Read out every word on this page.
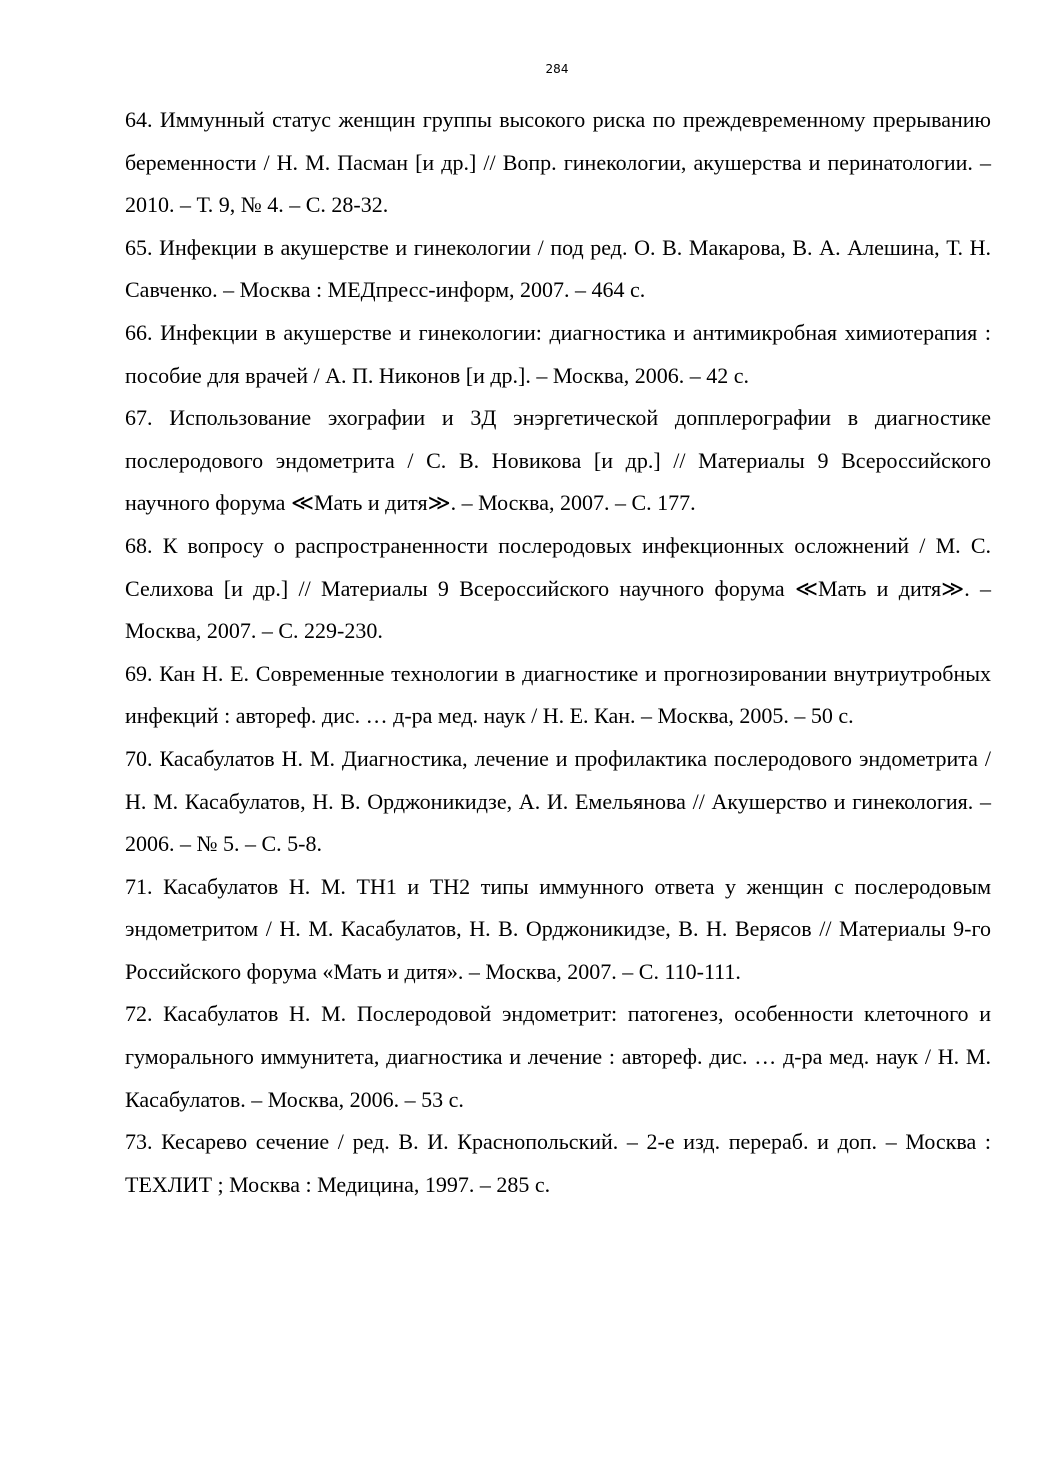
284
64. Иммунный статус женщин группы высокого риска по преждевременному прерыванию беременности / Н. М. Пасман [и др.] // Вопр. гинекологии, акушерства и перинатологии. – 2010. – Т. 9, № 4. – С. 28-32.
65. Инфекции в акушерстве и гинекологии / под ред. О. В. Макарова, В. А. Алешина, Т. Н. Савченко. – Москва : МЕДпресс-информ, 2007. – 464 с.
66. Инфекции в акушерстве и гинекологии: диагностика и антимикробная химиотерапия : пособие для врачей / А. П. Никонов [и др.]. – Москва, 2006. – 42 с.
67. Использование эхографии и 3Д энэргетической допплерографии в диагностике послеродового эндометрита / С. В. Новикова [и др.] // Материалы 9 Всероссийского научного форума ≪Мать и дитя≫. – Москва, 2007. – С. 177.
68. К вопросу о распространенности послеродовых инфекционных осложнений / М. С. Селихова [и др.] // Материалы 9 Всероссийского научного форума ≪Мать и дитя≫. – Москва, 2007. – С. 229-230.
69. Кан Н. Е. Современные технологии в диагностике и прогнозировании внутриутробных инфекций : автореф. дис. … д-ра мед. наук / Н. Е. Кан. – Москва, 2005. – 50 с.
70. Касабулатов Н. М. Диагностика, лечение и профилактика послеродового эндометрита / Н. М. Касабулатов, Н. В. Орджоникидзе, А. И. Емельянова // Акушерство и гинекология. – 2006. – № 5. – С. 5-8.
71. Касабулатов Н. М. ТН1 и ТН2 типы иммунного ответа у женщин с послеродовым эндометритом / Н. М. Касабулатов, Н. В. Орджоникидзе, В. Н. Верясов // Материалы 9-го Российского форума «Мать и дитя». – Москва, 2007. – С. 110-111.
72. Касабулатов Н. М. Послеродовой эндометрит: патогенез, особенности клеточного и гуморального иммунитета, диагностика и лечение : автореф. дис. … д-ра мед. наук / Н. М. Касабулатов. – Москва, 2006. – 53 с.
73. Кесарево сечение / ред. В. И. Краснопольский. – 2-е изд. перераб. и доп. – Москва : ТЕХЛИТ ; Москва : Медицина, 1997. – 285 с.
